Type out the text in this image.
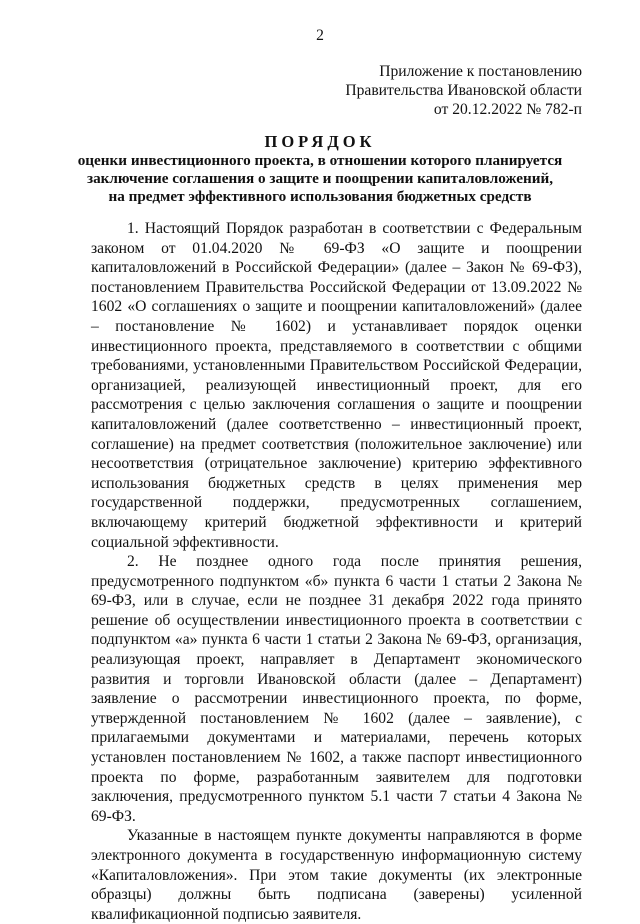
2
Приложение к постановлению
Правительства Ивановской области
от 20.12.2022 № 782-п
ПОРЯДОК
оценки инвестиционного проекта, в отношении которого планируется
заключение соглашения о защите и поощрении капиталовложений,
на предмет эффективного использования бюджетных средств

1. Настоящий Порядок разработан в соответствии с Федеральным законом от 01.04.2020 № 69-ФЗ «О защите и поощрении капиталовложений в Российской Федерации» (далее – Закон № 69-ФЗ), постановлением Правительства Российской Федерации от 13.09.2022 № 1602 «О соглашениях о защите и поощрении капиталовложений» (далее – постановление № 1602) и устанавливает порядок оценки инвестиционного проекта, представляемого в соответствии с общими требованиями, установленными Правительством Российской Федерации, организацией, реализующей инвестиционный проект, для его рассмотрения с целью заключения соглашения о защите и поощрении капиталовложений (далее соответственно – инвестиционный проект, соглашение) на предмет соответствия (положительное заключение) или несоответствия (отрицательное заключение) критерию эффективного использования бюджетных средств в целях применения мер государственной поддержки, предусмотренных соглашением, включающему критерий бюджетной эффективности и критерий социальной эффективности.

2. Не позднее одного года после принятия решения, предусмотренного подпунктом «б» пункта 6 части 1 статьи 2 Закона № 69-ФЗ, или в случае, если не позднее 31 декабря 2022 года принято решение об осуществлении инвестиционного проекта в соответствии с подпунктом «а» пункта 6 части 1 статьи 2 Закона № 69-ФЗ, организация, реализующая проект, направляет в Департамент экономического развития и торговли Ивановской области (далее – Департамент) заявление о рассмотрении инвестиционного проекта, по форме, утвержденной постановлением № 1602 (далее – заявление), с прилагаемыми документами и материалами, перечень которых установлен постановлением № 1602, а также паспорт инвестиционного проекта по форме, разработанным заявителем для подготовки заключения, предусмотренного пунктом 5.1 части 7 статьи 4 Закона № 69-ФЗ.

Указанные в настоящем пункте документы направляются в форме электронного документа в государственную информационную систему «Капиталовложения». При этом такие документы (их электронные образцы) должны быть подписана (заверены) усиленной квалификационной подписью заявителя.
